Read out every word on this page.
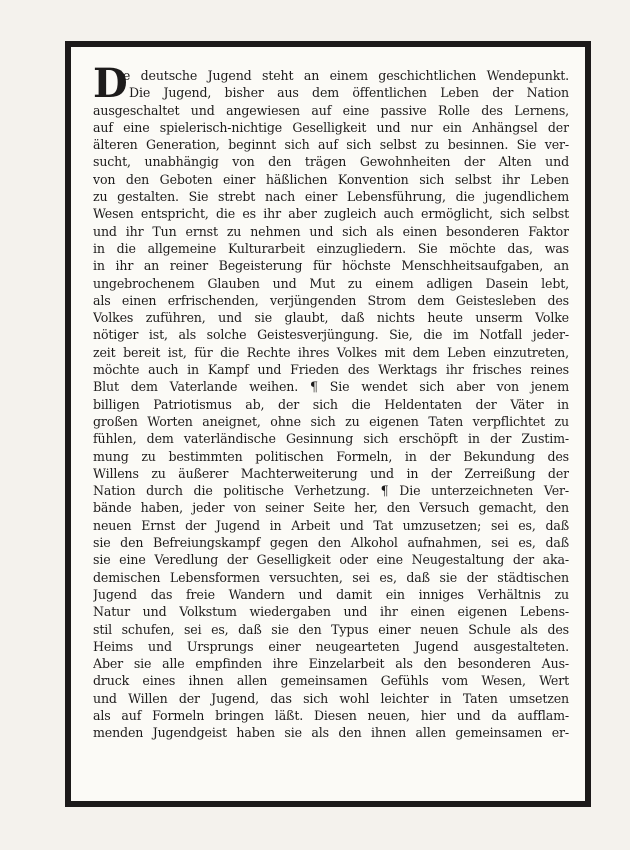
D
ie deutsche Jugend steht an einem geschichtlichen Wendepunkt.
Die Jugend, bisher aus dem öffentlichen Leben der Nation
ausgeschaltet und angewiesen auf eine passive Rolle des Lernens,
auf eine spielerisch-nichtige Geselligkeit und nur ein Anhängsel der
älteren Generation, beginnt sich auf sich selbst zu besinnen. Sie ver-
sucht, unabhängig von den trägen Gewohnheiten der Alten und
von den Geboten einer häßlichen Konvention sich selbst ihr Leben
zu gestalten. Sie strebt nach einer Lebensführung, die jugendlichem
Wesen entspricht, die es ihr aber zugleich auch ermöglicht, sich selbst
und ihr Tun ernst zu nehmen und sich als einen besonderen Faktor
in die allgemeine Kulturarbeit einzugliedern. Sie möchte das, was
in ihr an reiner Begeisterung für höchste Menschheitsaufgaben, an
ungebrochenem Glauben und Mut zu einem adligen Dasein lebt,
als einen erfrischenden, verjüngenden Strom dem Geistesleben des
Volkes zuführen, und sie glaubt, daß nichts heute unserm Volke
nötiger ist, als solche Geistesverjüngung. Sie, die im Notfall jeder-
zeit bereit ist, für die Rechte ihres Volkes mit dem Leben einzutreten,
möchte auch in Kampf und Frieden des Werktags ihr frisches reines
Blut dem Vaterlande weihen. ¶ Sie wendet sich aber von jenem
billigen Patriotismus ab, der sich die Heldentaten der Väter in
großen Worten aneignet, ohne sich zu eigenen Taten verpflichtet zu
fühlen, dem vaterländische Gesinnung sich erschöpft in der Zustim-
mung zu bestimmten politischen Formeln, in der Bekundung des
Willens zu äußerer Machterweiterung und in der Zerreißung der
Nation durch die politische Verhetzung. ¶ Die unterzeichneten Ver-
bände haben, jeder von seiner Seite her, den Versuch gemacht, den
neuen Ernst der Jugend in Arbeit und Tat umzusetzen; sei es, daß
sie den Befreiungskampf gegen den Alkohol aufnahmen, sei es, daß
sie eine Veredlung der Geselligkeit oder eine Neugestaltung der aka-
demischen Lebensformen versuchten, sei es, daß sie der städtischen
Jugend das freie Wandern und damit ein inniges Verhältnis zu
Natur und Volkstum wiedergaben und ihr einen eigenen Lebens-
stil schufen, sei es, daß sie den Typus einer neuen Schule als des
Heims und Ursprungs einer neugearteten Jugend ausgestalteten.
Aber sie alle empfinden ihre Einzelarbeit als den besonderen Aus-
druck eines ihnen allen gemeinsamen Gefühls vom Wesen, Wert
und Willen der Jugend, das sich wohl leichter in Taten umsetzen
als auf Formeln bringen läßt. Diesen neuen, hier und da aufflam-
menden Jugendgeist haben sie als den ihnen allen gemeinsamen er-
